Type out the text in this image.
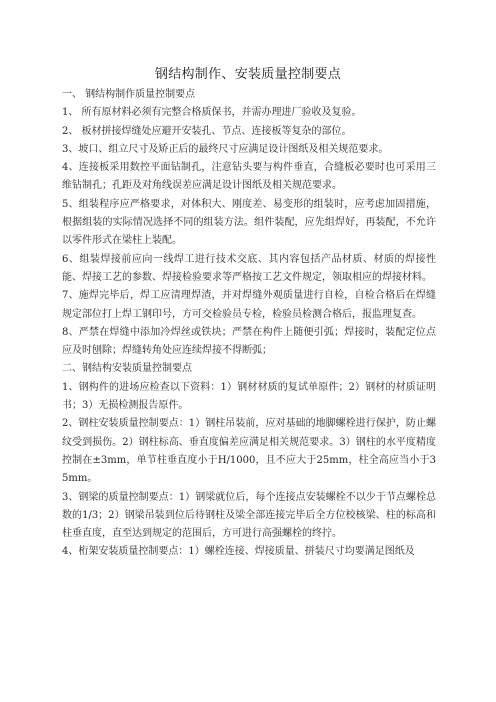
钢结构制作、安装质量控制要点

一、 钢结构制作质量控制要点

1、 所有原材料必须有完整合格质保书，并需办理进厂验收及复验。

2、 板材拼接焊缝处应避开安装孔、节点、连接板等复杂的部位。

3、坡口、组立尺寸及矫正后的最终尺寸应满足设计图纸及相关规范要求。

4、连接板采用数控平面钻制孔，注意钻头要与构件垂直，合缝板必要时也可采用三维钻制孔；孔距及对角线误差应满足设计图纸及相关规范要求。

5、组装程序应严格要求，对体积大、刚度差、易变形的组装时，应考虑加固措施，根据组装的实际情况选择不同的组装方法。组件装配，应先组焊好，再装配，不允许以零件形式在梁柱上装配。

6、组装焊接前应向一线焊工进行技术交底、其内容包括产品材质、材质的焊接性能、焊接工艺的参数、焊接检验要求等严格按工艺文件规定，领取相应的焊接材料。

7、施焊完毕后，焊工应清理焊渣，并对焊缝外观质量进行自检，自检合格后在焊缝规定部位打上焊工钢印号，方可交检验员专检，检验员检测合格后，报监理复查。

8、严禁在焊缝中添加冷焊丝或铁块；严禁在构件上随便引弧；焊接时，装配定位点应及时刨除；焊缝转角处应连续焊接不得断弧；

二、钢结构安装质量控制要点

1、钢构件的进场应检查以下资料：1）钢材材质的复试单原件；2）钢材的材质证明书；3）无损检测报告原件。

2、钢柱安装质量控制要点：1）钢柱吊装前，应对基础的地脚螺栓进行保护，防止螺纹受到损伤。2）钢柱标高、垂直度偏差应满足相关规范要求。3）钢柱的水平度精度控制在±3mm，单节柱垂直度小于H/1000，且不应大于25mm，柱全高应当小于35mm。

3、钢梁的质量控制要点：1）钢梁就位后，每个连接点安装螺栓不以少于节点螺栓总数的1/3；2）钢梁吊装到位后待钢柱及梁全部连接完毕后全方位校核梁、柱的标高和柱垂直度，直至达到规定的范围后，方可进行高强螺栓的终拧。

4、桁架安装质量控制要点：1）螺栓连接、焊接质量、拼装尺寸均要满足图纸及
